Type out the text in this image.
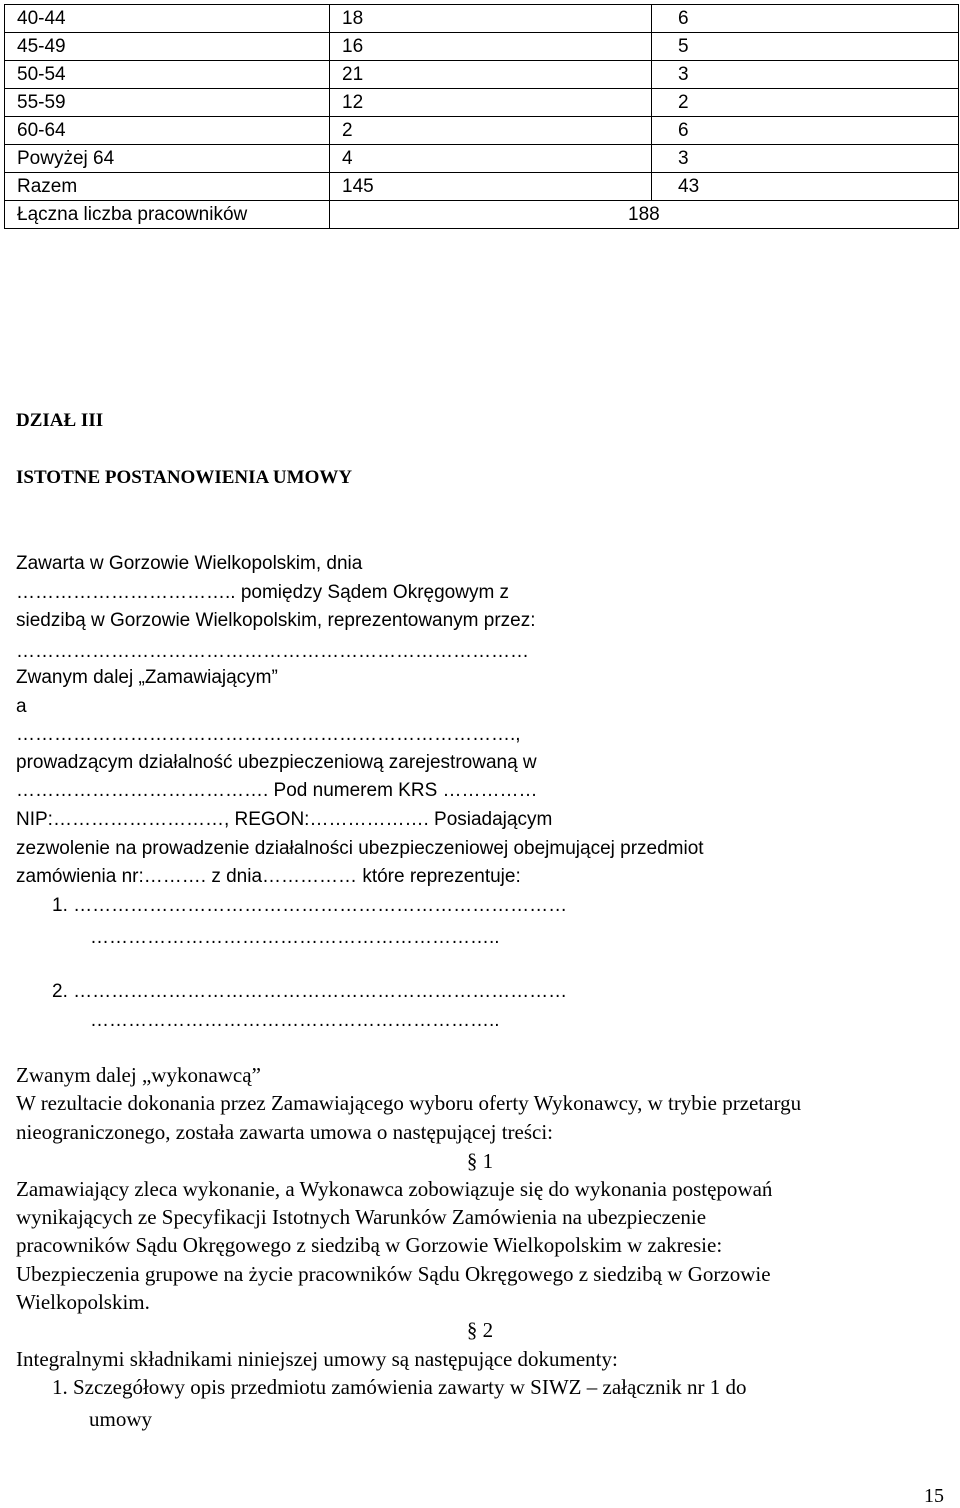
40-44	18	6
45-49	16	5
50-54	21	3
55-59	12	2
60-64	2	6
Powyżej 64	4	3
Razem	145	43
Łączna liczba pracowników	188	
DZIAŁ III
ISTOTNE POSTANOWIENIA UMOWY
Zawarta w Gorzowie Wielkopolskim, dnia
…………………………….. pomiędzy Sądem Okręgowym z
siedzibą w Gorzowie Wielkopolskim, reprezentowanym przez:
………………………………………………………………………
Zwanym dalej „Zamawiającym”
a
…………………………………………………………………….,
prowadzącym działalność ubezpieczeniową zarejestrowaną w
…………………………………. Pod numerem KRS ……………
NIP:………………………, REGON:………………. Posiadającym
zezwolenie na prowadzenie działalności ubezpieczeniowej obejmującej przedmiot
zamówienia nr:………. z dnia…………… które reprezentuje:
1. ……………………………………………………………………
………………………………………………………..
2. ……………………………………………………………………
………………………………………………………..
Zwanym dalej „wykonawcą”
W rezultacie dokonania przez Zamawiającego wyboru oferty Wykonawcy, w trybie przetargu
nieograniczonego, została zawarta umowa o następującej treści:
§ 1
Zamawiający zleca wykonanie, a Wykonawca zobowiązuje się do wykonania postępowań
wynikających ze Specyfikacji Istotnych Warunków Zamówienia na ubezpieczenie
pracowników Sądu Okręgowego z siedzibą w Gorzowie Wielkopolskim w zakresie:
Ubezpieczenia grupowe na życie pracowników Sądu Okręgowego z siedzibą w Gorzowie
Wielkopolskim.
§ 2
Integralnymi składnikami niniejszej umowy są następujące dokumenty:
1. Szczegółowy opis przedmiotu zamówienia zawarty w SIWZ – załącznik nr 1 do
umowy
15
